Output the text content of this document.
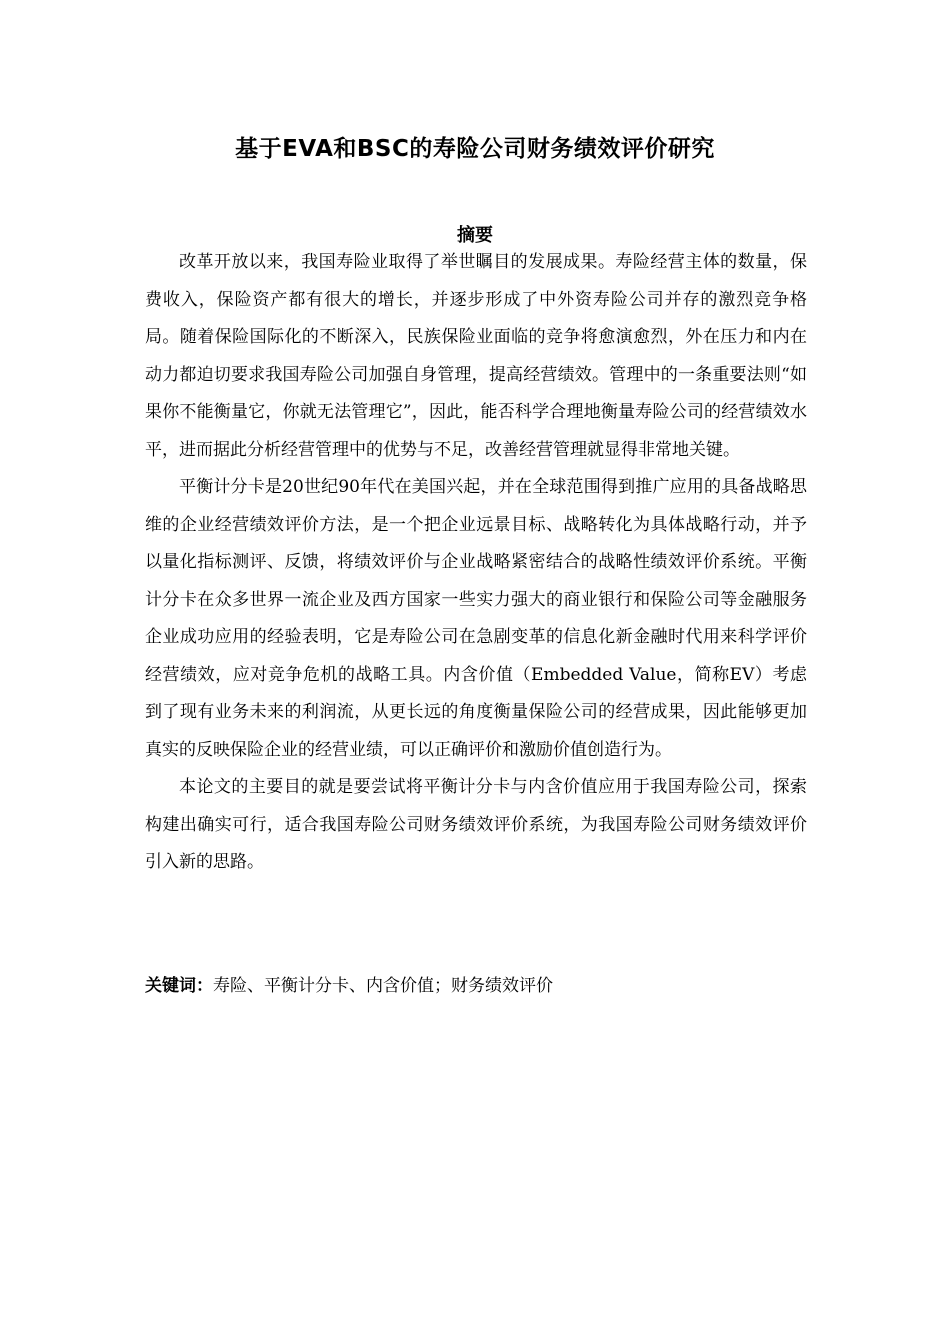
基于EVA和BSC的寿险公司财务绩效评价研究
摘要

改革开放以来，我国寿险业取得了举世瞩目的发展成果。寿险经营主体的数量，保费收入，保险资产都有很大的增长，并逐步形成了中外资寿险公司并存的激烈竞争格局。随着保险国际化的不断深入，民族保险业面临的竞争将愈演愈烈，外在压力和内在动力都迫切要求我国寿险公司加强自身管理，提高经营绩效。管理中的一条重要法则“如果你不能衡量它，你就无法管理它”，因此，能否科学合理地衡量寿险公司的经营绩效水平，进而据此分析经营管理中的优势与不足，改善经营管理就显得非常地关键。

平衡计分卡是20世纪90年代在美国兴起，并在全球范围得到推广应用的具备战略思维的企业经营绩效评价方法，是一个把企业远景目标、战略转化为具体战略行动，并予以量化指标测评、反馈，将绩效评价与企业战略紧密结合的战略性绩效评价系统。平衡计分卡在众多世界一流企业及西方国家一些实力强大的商业银行和保险公司等金融服务企业成功应用的经验表明，它是寿险公司在急剧变革的信息化新金融时代用来科学评价经营绩效，应对竞争危机的战略工具。内含价值（Embedded Value，简称EV）考虑到了现有业务未来的利润流，从更长远的角度衡量保险公司的经营成果，因此能够更加真实的反映保险企业的经营业绩，可以正确评价和激励价值创造行为。

本论文的主要目的就是要尝试将平衡计分卡与内含价值应用于我国寿险公司，探索构建出确实可行，适合我国寿险公司财务绩效评价系统，为我国寿险公司财务绩效评价引入新的思路。

关键词：寿险、平衡计分卡、内含价值；财务绩效评价
